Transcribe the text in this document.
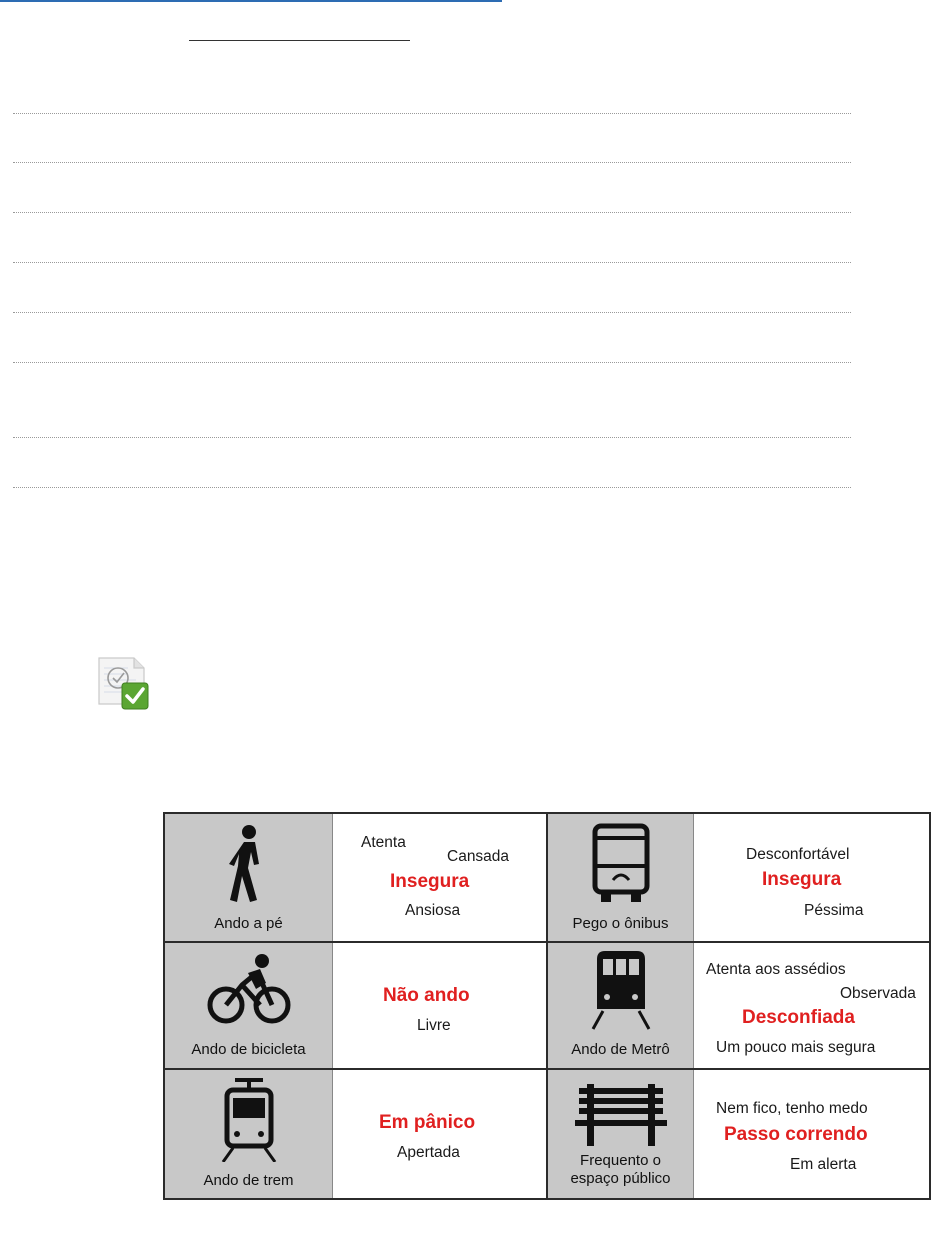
Ando a pé
Atenta
Cansada
Insegura
Ansiosa
Pego o ônibus
Desconfortável
Insegura
Péssima
Ando de bicicleta
Não ando
Livre
Ando de Metrô
Atenta aos assédios
Observada
Desconfiada
Um pouco mais segura
Ando de trem
Em pânico
Apertada	Frequento o
espaço público
Nem fico, tenho medo
Passo correndo
Em alerta
